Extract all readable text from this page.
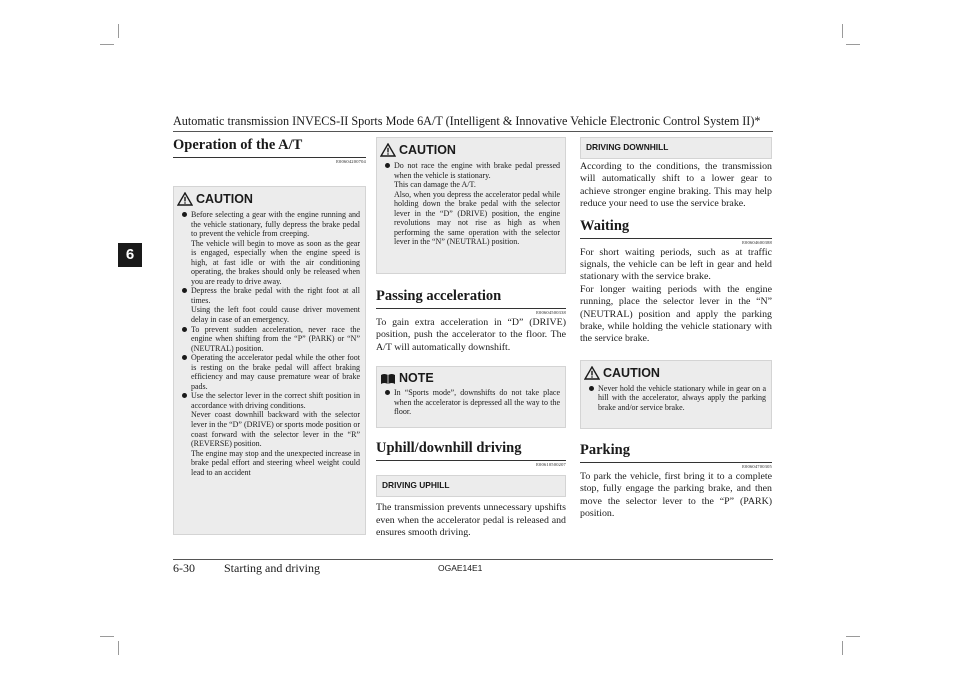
Automatic transmission INVECS-II Sports Mode 6A/T (Intelligent & Innovative Vehicle Electronic Control System II)*
6
Operation of the A/T
E00604200704
CAUTION
Before selecting a gear with the engine running and the vehicle stationary, fully depress the brake pedal to prevent the vehicle from creeping.
The vehicle will begin to move as soon as the gear is engaged, especially when the engine speed is high, at fast idle or with the air conditioning operating, the brakes should only be released when you are ready to drive away.
Depress the brake pedal with the right foot at all times.
Using the left foot could cause driver movement delay in case of an emergency.
To prevent sudden acceleration, never race the engine when shifting from the “P” (PARK) or “N” (NEUTRAL) position.
Operating the accelerator pedal while the other foot is resting on the brake pedal will affect braking efficiency and may cause premature wear of brake pads.
Use the selector lever in the correct shift position in accordance with driving conditions.
Never coast downhill backward with the selector lever in the “D” (DRIVE) or sports mode position or coast forward with the selector lever in the “R” (REVERSE) position.
The engine may stop and the unexpected increase in brake pedal effort and steering wheel weight could lead to an accident
CAUTION
Do not race the engine with brake pedal pressed when the vehicle is stationary.
This can damage the A/T.
Also, when you depress the accelerator pedal while holding down the brake pedal with the selector lever in the “D” (DRIVE) position, the engine revolutions may not rise as high as when performing the same operation with the selector lever in the “N” (NEUTRAL) position.
Passing acceleration
E00604500338

To gain extra acceleration in “D” (DRIVE) position, push the accelerator to the floor. The A/T will automatically downshift.

NOTE
In “Sports mode”, downshifts do not take place when the accelerator is depressed all the way to the floor.
Uphill/downhill driving
E00610500207
DRIVING UPHILL

The transmission prevents unnecessary upshifts even when the accelerator pedal is released and ensures smooth driving.

DRIVING DOWNHILL

According to the conditions, the transmission will automatically shift to a lower gear to achieve stronger engine braking. This may help reduce your need to use the service brake.

Waiting
E00604600388

For short waiting periods, such as at traffic signals, the vehicle can be left in gear and held stationary with the service brake.

For longer waiting periods with the engine running, place the selector lever in the “N” (NEUTRAL) position and apply the parking brake, while holding the vehicle stationary with the service brake.

CAUTION
Never hold the vehicle stationary while in gear on a hill with the accelerator, always apply the parking brake and/or service brake.
Parking
E00604700305

To park the vehicle, first bring it to a complete stop, fully engage the parking brake, and then move the selector lever to the “P” (PARK) position.

6-30 Starting and driving	OGAE14E1
